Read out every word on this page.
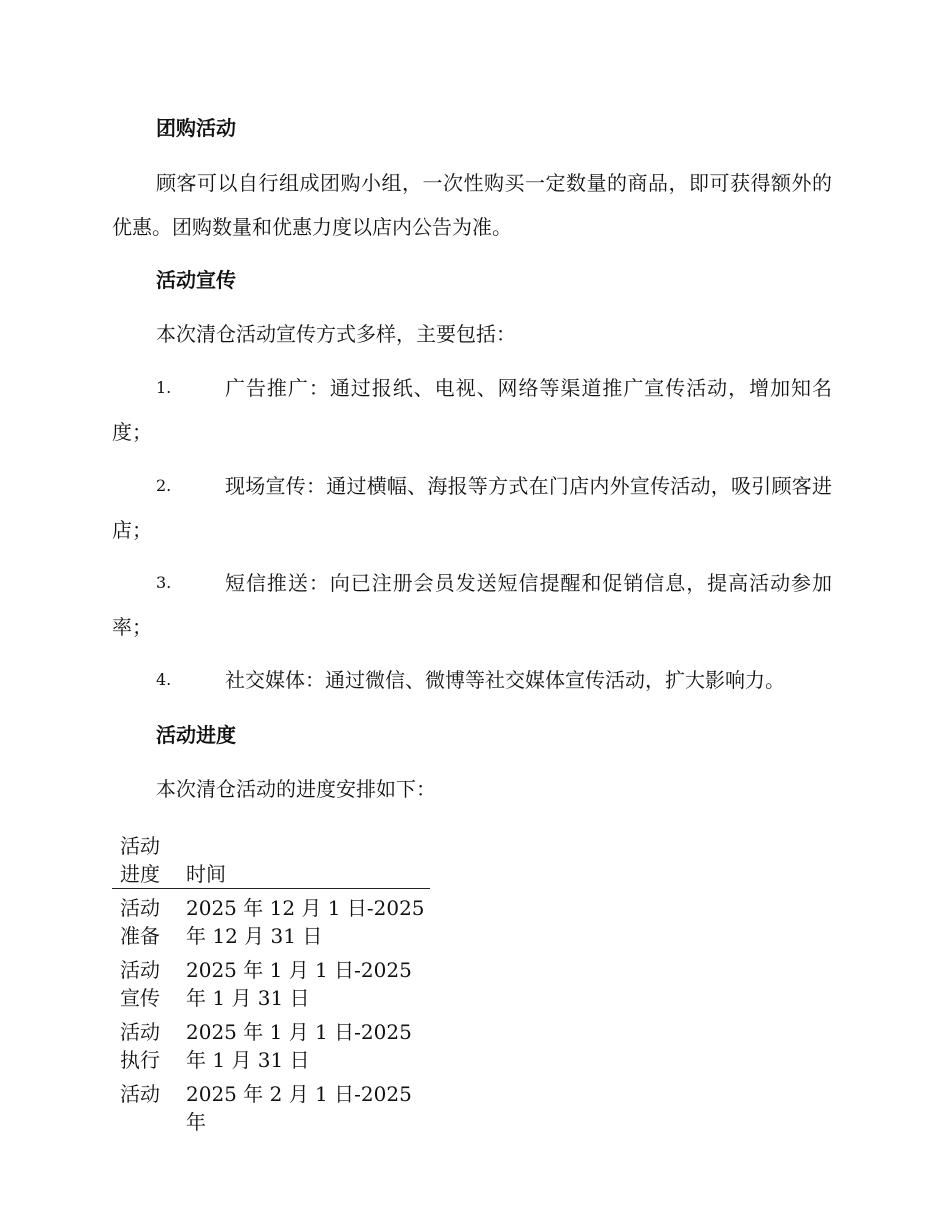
团购活动

顾客可以自行组成团购小组，一次性购买一定数量的商品，即可获得额外的优惠。团购数量和优惠力度以店内公告为准。

活动宣传

本次清仓活动宣传方式多样，主要包括：

1.	广告推广：通过报纸、电视、网络等渠道推广宣传活动，增加知名度；

2.	现场宣传：通过横幅、海报等方式在门店内外宣传活动，吸引顾客进店；

3.	短信推送：向已注册会员发送短信提醒和促销信息，提高活动参加率；

4.	社交媒体：通过微信、微博等社交媒体宣传活动，扩大影响力。

活动进度

本次清仓活动的进度安排如下：

活动进度	时间
活动准备	2025 年 12 月 1 日-2025 年 12 月 31 日
活动宣传	2025 年 1 月 1 日-2025 年 1 月 31 日
活动执行	2025 年 1 月 1 日-2025 年 1 月 31 日
活动	2025 年 2 月 1 日-2025 年
